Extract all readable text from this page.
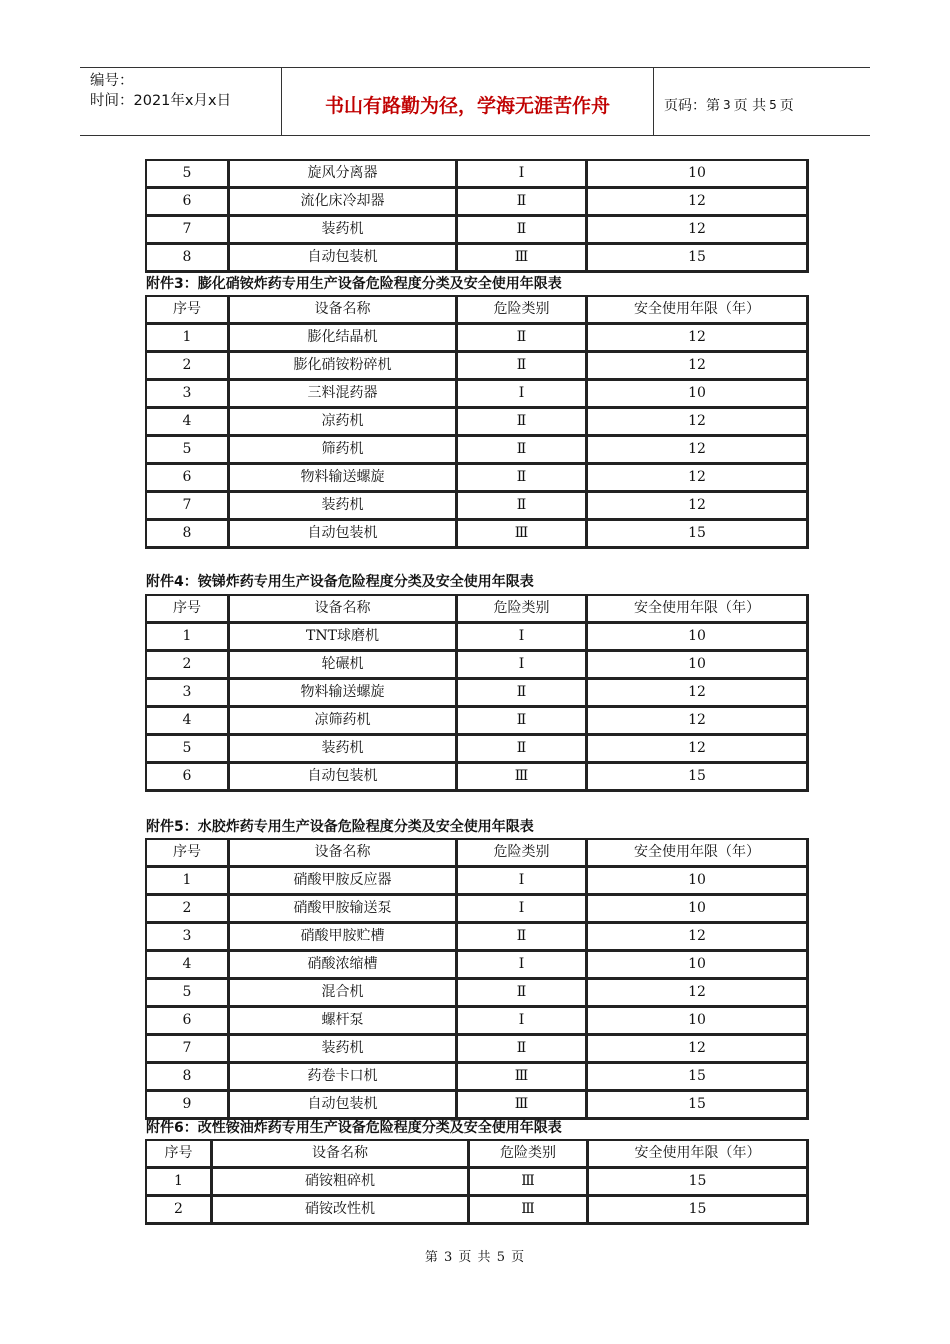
编号：
时间：2021年x月x日	书山有路勤为径，学海无涯苦作舟	页码：第 3 页 共 5 页
5	旋风分离器	Ⅰ	10
6	流化床冷却器	Ⅱ	12
7	装药机	Ⅱ	12
8	自动包装机	Ⅲ	15
附件3：膨化硝铵炸药专用生产设备危险程度分类及安全使用年限表
序号	设备名称	危险类别	安全使用年限（年）
1	膨化结晶机	Ⅱ	12
2	膨化硝铵粉碎机	Ⅱ	12
3	三料混药器	Ⅰ	10
4	凉药机	Ⅱ	12
5	筛药机	Ⅱ	12
6	物料输送螺旋	Ⅱ	12
7	装药机	Ⅱ	12
8	自动包装机	Ⅲ	15
附件4：铵锑炸药专用生产设备危险程度分类及安全使用年限表
序号	设备名称	危险类别	安全使用年限（年）
1	TNT球磨机	Ⅰ	10
2	轮碾机	Ⅰ	10
3	物料输送螺旋	Ⅱ	12
4	凉筛药机	Ⅱ	12
5	装药机	Ⅱ	12
6	自动包装机	Ⅲ	15
附件5：水胶炸药专用生产设备危险程度分类及安全使用年限表
序号	设备名称	危险类别	安全使用年限（年）
1	硝酸甲胺反应器	Ⅰ	10
2	硝酸甲胺输送泵	Ⅰ	10
3	硝酸甲胺贮槽	Ⅱ	12
4	硝酸浓缩槽	Ⅰ	10
5	混合机	Ⅱ	12
6	螺杆泵	Ⅰ	10
7	装药机	Ⅱ	12
8	药卷卡口机	Ⅲ	15
9	自动包装机	Ⅲ	15
附件6：改性铵油炸药专用生产设备危险程度分类及安全使用年限表
序号	设备名称	危险类别	安全使用年限（年）
1	硝铵粗碎机	Ⅲ	15
2	硝铵改性机	Ⅲ	15
第 3 页 共 5 页
